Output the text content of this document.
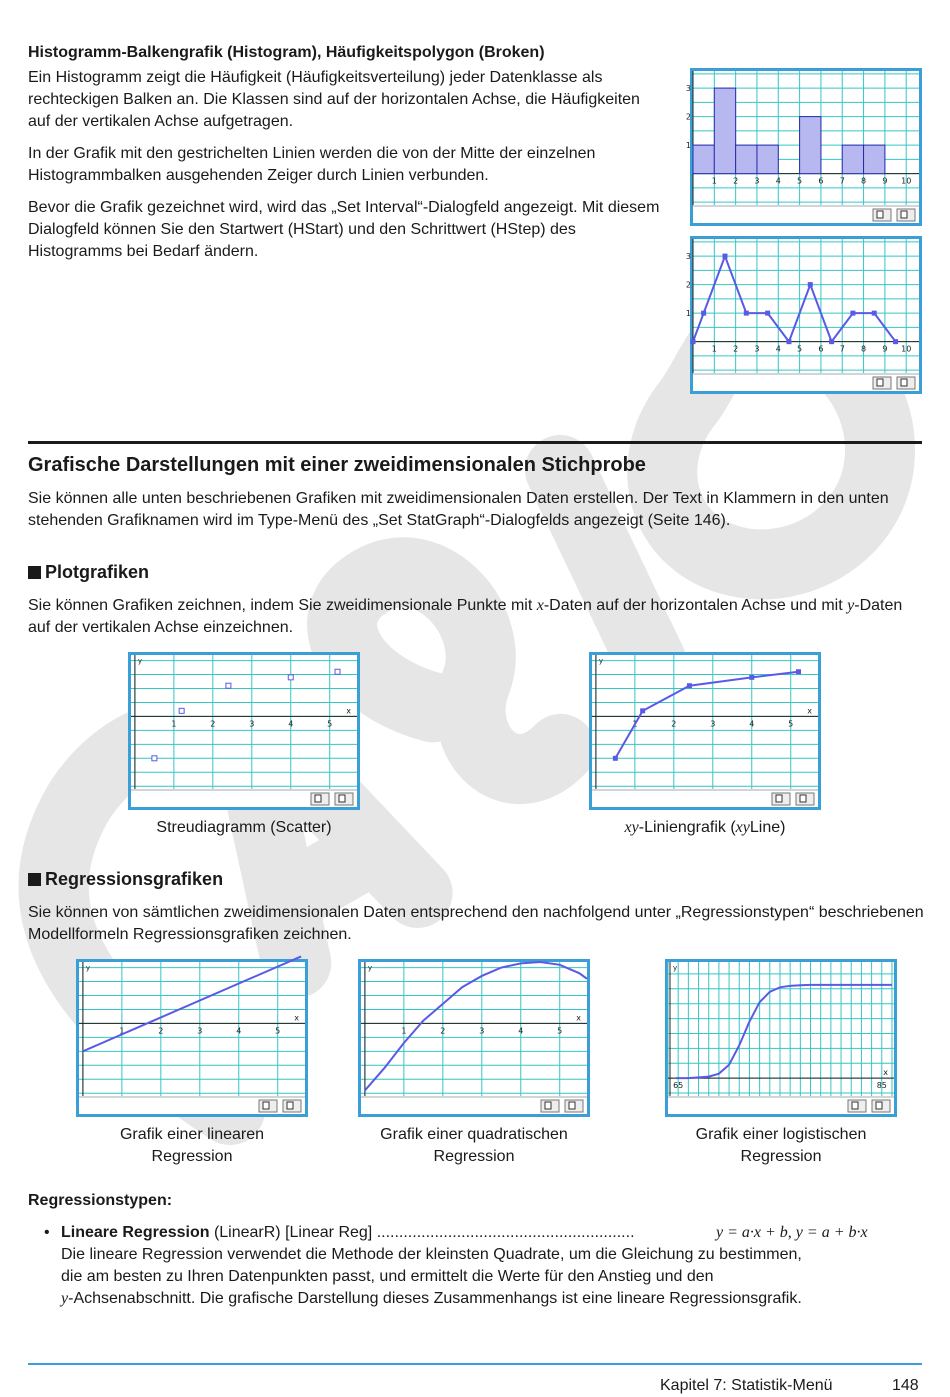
Histogramm-Balkengrafik (Histogram), Häufigkeitspolygon (Broken)

Ein Histogramm zeigt die Häufigkeit (Häufigkeitsverteilung) jeder Datenklasse als rechteckigen Balken an. Die Klassen sind auf der horizontalen Achse, die Häufigkeiten auf der vertikalen Achse aufgetragen.

In der Grafik mit den gestrichelten Linien werden die von der Mitte der einzelnen Histogrammbalken ausgehenden Zeiger durch Linien verbunden.

Bevor die Grafik gezeichnet wird, wird das „Set Interval“-Dialogfeld angezeigt. Mit diesem Dialogfeld können Sie den Startwert (HStart) und den Schrittwert (HStep) des Histogramms bei Bedarf ändern.

1 2 3 4 5 6 7 8 9 10
1
2
3
1 2 3 4 5 6 7 8 9 10
1
2
3

Grafische Darstellungen mit einer zweidimensionalen Stichprobe

Sie können alle unten beschriebenen Grafiken mit zweidimensionalen Daten erstellen. Der Text in Klammern in den unten stehenden Grafiknamen wird im Type-Menü des „Set StatGraph“-Dialogfelds angezeigt (Seite 146).

Plotgrafiken

Sie können Grafiken zeichnen, indem Sie zweidimensionale Punkte mit x-Daten auf der horizontalen Achse und mit y-Daten auf der vertikalen Achse einzeichnen.

1	2	3	4	5
x
y
1	2	3	4	5
x
y

Streudiagramm (Scatter)	xy-Liniengrafik (xyLine)

Regressionsgrafiken

Sie können von sämtlichen zweidimensionalen Daten entsprechend den nachfolgend unter „Regressionstypen“ beschriebenen Modellformeln Regressionsgrafiken zeichnen.

1	2	3	4	5
x
y
1	2	3	4	5
x
y
65	85
x
y

Grafik einer linearen
Regression

Grafik einer quadratischen
Regression

Grafik einer logistischen
Regression

Regressionstypen:

• Lineare Regression (LinearR) [Linear Reg] ..........................................................	y = a·x + b, y = a + b·x

Die lineare Regression verwendet die Methode der kleinsten Quadrate, um die Gleichung zu bestimmen,

die am besten zu Ihren Datenpunkten passt, und ermittelt die Werte für den Anstieg und den

y-Achsenabschnitt. Die grafische Darstellung dieses Zusammenhangs ist eine lineare Regressionsgrafik.

Kapitel 7: Statistik-Menü	148
